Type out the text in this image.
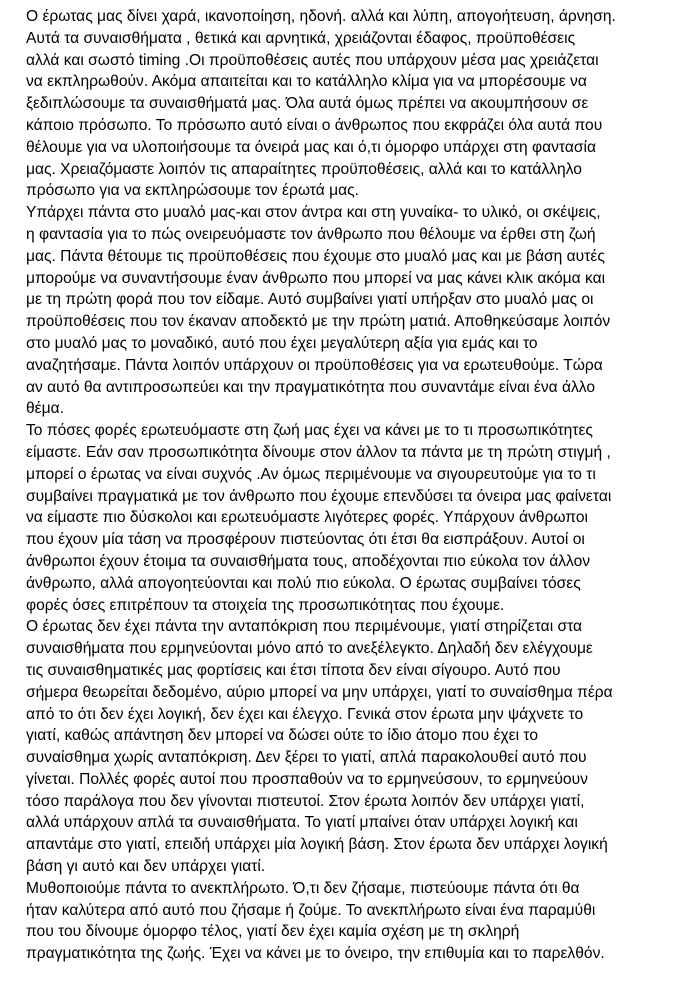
Ο έρωτας μας δίνει χαρά, ικανοποίηση, ηδονή. αλλά και λύπη, απογοήτευση, άρνηση.
Αυτά τα συναισθήματα , θετικά και αρνητικά, χρειάζονται έδαφος, προϋποθέσεις
αλλά και σωστό timing .Οι προϋποθέσεις αυτές που υπάρχουν μέσα μας χρειάζεται
να εκπληρωθούν. Ακόμα απαιτείται και το κατάλληλο κλίμα για να μπορέσουμε να
ξεδιπλώσουμε τα συναισθήματά μας. Όλα αυτά όμως πρέπει να ακουμπήσουν σε
κάποιο πρόσωπο. Το πρόσωπο αυτό είναι ο άνθρωπος που εκφράζει όλα αυτά που
θέλουμε για να υλοποιήσουμε τα όνειρά μας και ό,τι όμορφο υπάρχει στη φαντασία
μας. Χρειαζόμαστε λοιπόν τις απαραίτητες προϋποθέσεις, αλλά και το κατάλληλο
πρόσωπο για να εκπληρώσουμε τον έρωτά μας.
Υπάρχει πάντα στο μυαλό μας-και στον άντρα και στη γυναίκα- το υλικό, οι σκέψεις,
η φαντασία για το πώς ονειρευόμαστε τον άνθρωπο που θέλουμε να έρθει στη ζωή
μας. Πάντα θέτουμε τις προϋποθέσεις που έχουμε στο μυαλό μας και με βάση αυτές
μπορούμε να συναντήσουμε έναν άνθρωπο που μπορεί να μας κάνει κλικ ακόμα και
με τη πρώτη φορά που τον είδαμε. Αυτό συμβαίνει γιατί υπήρξαν στο μυαλό μας οι
προϋποθέσεις που τον έκαναν αποδεκτό με την πρώτη ματιά. Αποθηκεύσαμε λοιπόν
στο μυαλό μας το μοναδικό, αυτό που έχει μεγαλύτερη αξία για εμάς και το
αναζητήσαμε. Πάντα λοιπόν υπάρχουν οι προϋποθέσεις για να ερωτευθούμε. Τώρα
αν αυτό θα αντιπροσωπεύει και την πραγματικότητα που συναντάμε είναι ένα άλλο
θέμα.
Το πόσες φορές ερωτευόμαστε στη ζωή μας έχει να κάνει με το τι προσωπικότητες
είμαστε. Εάν σαν προσωπικότητα δίνουμε στον άλλον τα πάντα με τη πρώτη στιγμή ,
μπορεί ο έρωτας να είναι συχνός .Αν όμως περιμένουμε να σιγουρευτούμε για το τι
συμβαίνει πραγματικά με τον άνθρωπο που έχουμε επενδύσει τα όνειρα μας φαίνεται
να είμαστε πιο δύσκολοι και ερωτευόμαστε λιγότερες φορές. Υπάρχουν άνθρωποι
που έχουν μία τάση να προσφέρουν πιστεύοντας ότι έτσι θα εισπράξουν. Αυτοί οι
άνθρωποι έχουν έτοιμα τα συναισθήματα τους, αποδέχονται πιο εύκολα τον άλλον
άνθρωπο, αλλά απογοητεύονται και πολύ πιο εύκολα. Ο έρωτας συμβαίνει τόσες
φορές όσες επιτρέπουν τα στοιχεία της προσωπικότητας που έχουμε.
Ο έρωτας δεν έχει πάντα την ανταπόκριση που περιμένουμε, γιατί στηρίζεται στα
συναισθήματα που ερμηνεύονται μόνο από το ανεξέλεγκτο. Δηλαδή δεν ελέγχουμε
τις συναισθηματικές μας φορτίσεις και έτσι τίποτα δεν είναι σίγουρο. Αυτό που
σήμερα θεωρείται δεδομένο, αύριο μπορεί να μην υπάρχει, γιατί το συναίσθημα πέρα
από το ότι δεν έχει λογική, δεν έχει και έλεγχο. Γενικά στον έρωτα μην ψάχνετε το
γιατί, καθώς απάντηση δεν μπορεί να δώσει ούτε το ίδιο άτομο που έχει το
συναίσθημα χωρίς ανταπόκριση. Δεν ξέρει το γιατί, απλά παρακολουθεί αυτό που
γίνεται. Πολλές φορές αυτοί που προσπαθούν να το ερμηνεύσουν, το ερμηνεύουν
τόσο παράλογα που δεν γίνονται πιστευτοί. Στον έρωτα λοιπόν δεν υπάρχει γιατί,
αλλά υπάρχουν απλά τα συναισθήματα. Το γιατί μπαίνει όταν υπάρχει λογική και
απαντάμε στο γιατί, επειδή υπάρχει μία λογική βάση. Στον έρωτα δεν υπάρχει λογική
βάση γι αυτό και δεν υπάρχει γιατί.
Μυθοποιούμε πάντα το ανεκπλήρωτο. Ό,τι δεν ζήσαμε, πιστεύουμε πάντα ότι θα
ήταν καλύτερα από αυτό που ζήσαμε ή ζούμε. Το ανεκπλήρωτο είναι ένα παραμύθι
που του δίνουμε όμορφο τέλος, γιατί δεν έχει καμία σχέση με τη σκληρή
πραγματικότητα της ζωής. Έχει να κάνει με το όνειρο, την επιθυμία και το παρελθόν.
